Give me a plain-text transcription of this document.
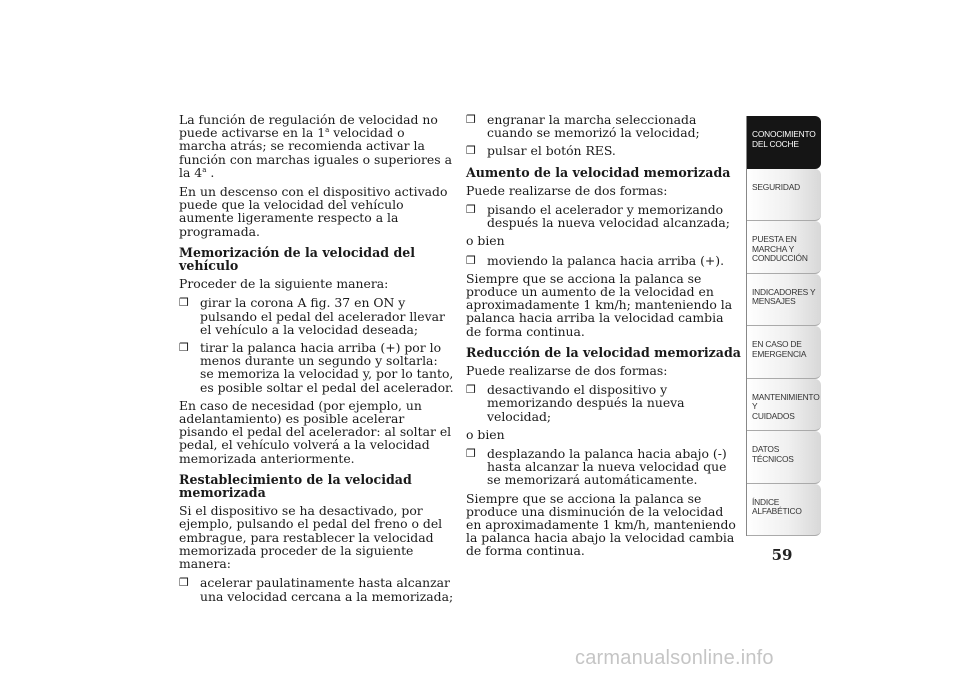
La función de regulación de velocidad no puede activarse en la 1$^a$ velocidad o marcha atrás; se recomienda activar la función con marchas iguales o superiores a la 4$^a$ .

En un descenso con el dispositivo activado puede que la velocidad del vehículo aumente ligeramente respecto a la programada.

Memorización de la velocidad del vehículo

Proceder de la siguiente manera:

❒ girar la corona A fig. 37 en ON y pulsando el pedal del acelerador llevar el vehículo a la velocidad deseada;
❒ tirar la palanca hacia arriba (+) por lo menos durante un segundo y soltarla: se memoriza la velocidad y, por lo tanto, es posible soltar el pedal del acelerador.

En caso de necesidad (por ejemplo, un adelantamiento) es posible acelerar pisando el pedal del acelerador: al soltar el pedal, el vehículo volverá a la velocidad memorizada anteriormente.

Restablecimiento de la velocidad memorizada

Si el dispositivo se ha desactivado, por ejemplo, pulsando el pedal del freno o del embrague, para restablecer la velocidad memorizada proceder de la siguiente manera:

❒ acelerar paulatinamente hasta alcanzar una velocidad cercana a la memorizada;
❒ engranar la marcha seleccionada cuando se memorizó la velocidad;
❒ pulsar el botón RES.

Aumento de la velocidad memorizada

Puede realizarse de dos formas:

❒ pisando el acelerador y memorizando después la nueva velocidad alcanzada;

o bien

❒ moviendo la palanca hacia arriba (+).

Siempre que se acciona la palanca se produce un aumento de la velocidad en aproximadamente 1 km/h; manteniendo la palanca hacia arriba la velocidad cambia de forma continua.

Reducción de la velocidad memorizada

Puede realizarse de dos formas:

❒ desactivando el dispositivo y memorizando después la nueva velocidad;

o bien

❒ desplazando la palanca hacia abajo (-) hasta alcanzar la nueva velocidad que se memorizará automáticamente.

Siempre que se acciona la palanca se produce una disminución de la velocidad en aproximadamente 1 km/h, manteniendo la palanca hacia abajo la velocidad cambia de forma continua.

CONOCIMIENTO
DEL COCHE
SEGURIDAD
PUESTA EN
MARCHA Y
CONDUCCIÓN
INDICADORES Y
MENSAJES
EN CASO DE
EMERGENCIA
MANTENIMIENTO Y
CUIDADOS
DATOS TÉCNICOS
ÍNDICE
ALFABÉTICO
59
carmanualsonline.info
